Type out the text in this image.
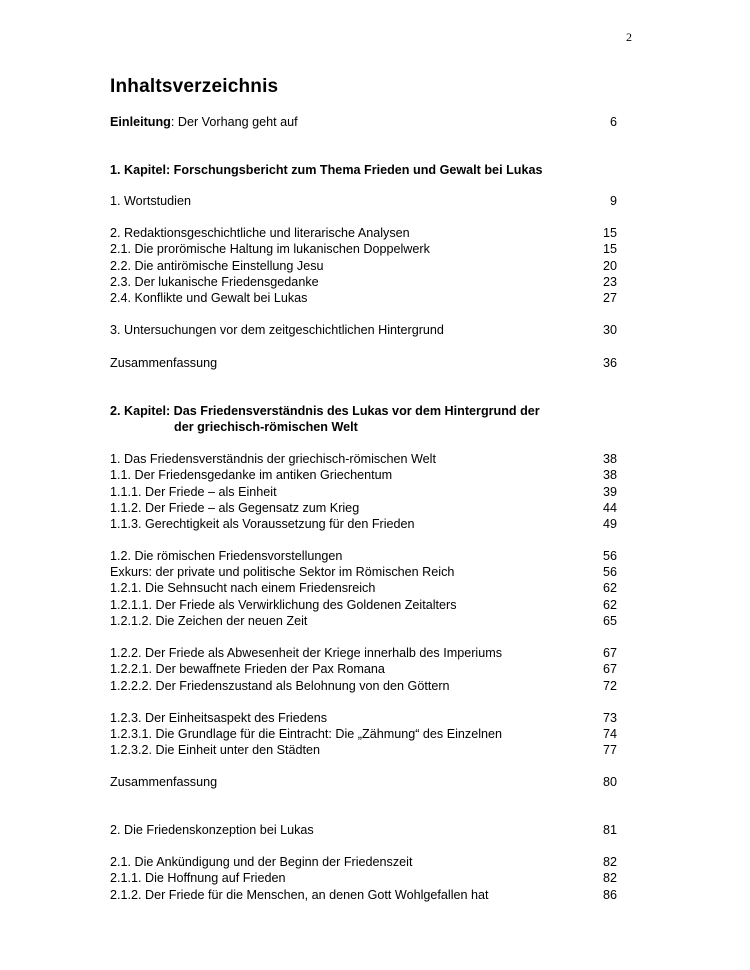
2
Inhaltsverzeichnis
Einleitung: Der Vorhang geht auf	6
1. Kapitel: Forschungsbericht zum Thema Frieden und Gewalt bei Lukas
1. Wortstudien	9
2. Redaktionsgeschichtliche und literarische Analysen	15
2.1. Die prorömische Haltung im lukanischen Doppelwerk	15
2.2. Die antirömische Einstellung Jesu	20
2.3. Der lukanische Friedensgedanke	23
2.4. Konflikte und Gewalt bei Lukas	27
3. Untersuchungen vor dem zeitgeschichtlichen Hintergrund	30
Zusammenfassung	36
2. Kapitel: Das Friedensverständnis des Lukas vor dem Hintergrund der
der griechisch-römischen Welt
1. Das Friedensverständnis der griechisch-römischen Welt	38
1.1. Der Friedensgedanke im antiken Griechentum	38
1.1.1. Der Friede – als Einheit	39
1.1.2. Der Friede – als Gegensatz zum Krieg	44
1.1.3. Gerechtigkeit als Voraussetzung für den Frieden	49
1.2. Die römischen Friedensvorstellungen	56
Exkurs: der private und politische Sektor im Römischen Reich	56
1.2.1. Die Sehnsucht nach einem Friedensreich	62
1.2.1.1. Der Friede als Verwirklichung des Goldenen Zeitalters	62
1.2.1.2. Die Zeichen der neuen Zeit	65
1.2.2. Der Friede als Abwesenheit der Kriege innerhalb des Imperiums	67
1.2.2.1. Der bewaffnete Frieden der Pax Romana	67
1.2.2.2. Der Friedenszustand als Belohnung von den Göttern	72
1.2.3. Der Einheitsaspekt des Friedens	73
1.2.3.1. Die Grundlage für die Eintracht: Die „Zähmung“ des Einzelnen	74
1.2.3.2. Die Einheit unter den Städten	77
Zusammenfassung	80
2. Die Friedenskonzeption bei Lukas	81
2.1. Die Ankündigung und der Beginn der Friedenszeit	82
2.1.1. Die Hoffnung auf Frieden	82
2.1.2. Der Friede für die Menschen, an denen Gott Wohlgefallen hat	86
